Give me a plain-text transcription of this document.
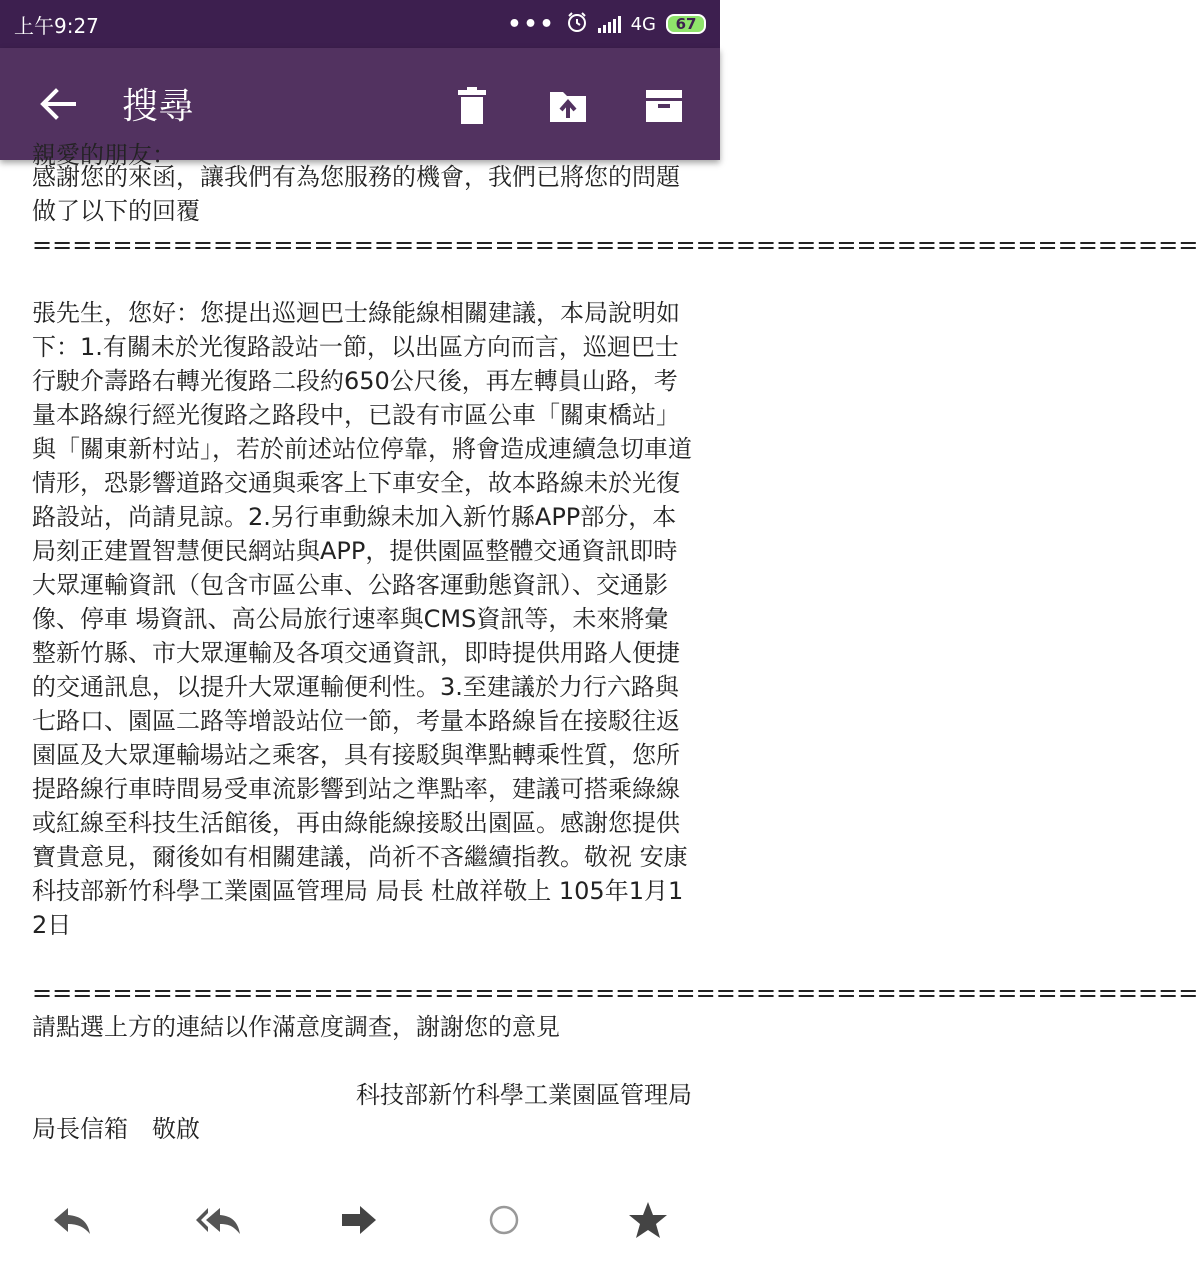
上午9:27	•••	4G 67
搜尋

親愛的朋友：

感謝您的來函，讓我們有為您服務的機會，我們已將您的問題做了以下的回覆

==========================================================

張先生，您好：您提出巡迴巴士綠能線相關建議，本局說明如下：1.有關未於光復路設站一節，以出區方向而言，巡迴巴士行駛介壽路右轉光復路二段約650公尺後，再左轉員山路，考量本路線行經光復路之路段中，已設有市區公車「關東橋站」與「關東新村站」，若於前述站位停靠，將會造成連續急切車道情形，恐影響道路交通與乘客上下車安全，故本路線未於光復路設站，尚請見諒。2.另行車動線未加入新竹縣APP部分，本局刻正建置智慧便民網站與APP，提供園區整體交通資訊即時大眾運輸資訊（包含市區公車、公路客運動態資訊）、交通影像、停車 場資訊、高公局旅行速率與CMS資訊等，未來將彙整新竹縣、市大眾運輸及各項交通資訊，即時提供用路人便捷的交通訊息，以提升大眾運輸便利性。3.至建議於力行六路與七路口、園區二路等增設站位一節，考量本路線旨在接駁往返園區及大眾運輸場站之乘客，具有接駁與準點轉乘性質，您所提路線行車時間易受車流影響到站之準點率，建議可搭乘綠線或紅線至科技生活館後，再由綠能線接駁出園區。感謝您提供寶貴意見，爾後如有相關建議，尚祈不吝繼續指教。敬祝 安康 科技部新竹科學工業園區管理局 局長 杜啟祥敬上 105年1月12日

==========================================================

請點選上方的連結以作滿意度調查，謝謝您的意見

科技部新竹科學工業園區管理局

局長信箱　敬啟
